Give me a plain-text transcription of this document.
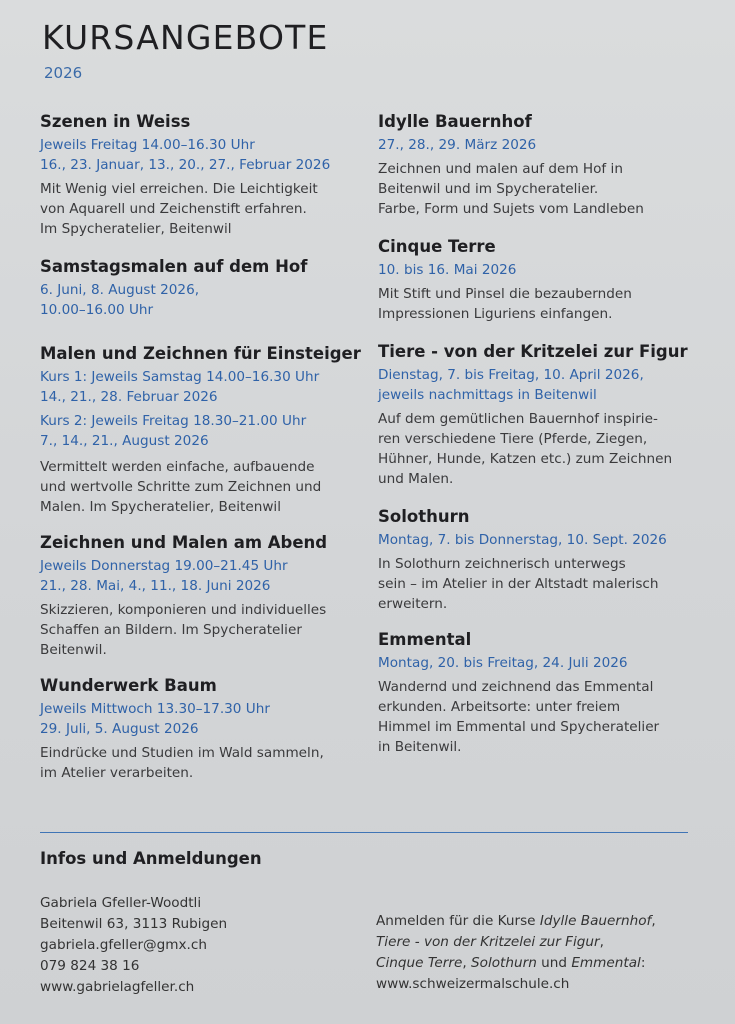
KURSANGEBOTE
2026
Szenen in Weiss
Jeweils Freitag 14.00–16.30 Uhr
16., 23. Januar, 13., 20., 27., Februar 2026
Mit Wenig viel erreichen. Die Leichtigkeit
von Aquarell und Zeichenstift erfahren.
Im Spycheratelier, Beitenwil
Samstagsmalen auf dem Hof
6. Juni, 8. August 2026,
10.00–16.00 Uhr
Malen und Zeichnen für Einsteiger
Kurs 1: Jeweils Samstag 14.00–16.30 Uhr
14., 21., 28. Februar 2026
Kurs 2: Jeweils Freitag 18.30–21.00 Uhr
7., 14., 21., August 2026
Vermittelt werden einfache, aufbauende
und wertvolle Schritte zum Zeichnen und
Malen. Im Spycheratelier, Beitenwil
Zeichnen und Malen am Abend
Jeweils Donnerstag 19.00–21.45 Uhr
21., 28. Mai, 4., 11., 18. Juni 2026
Skizzieren, komponieren und individuelles
Schaffen an Bildern. Im Spycheratelier
Beitenwil.
Wunderwerk Baum
Jeweils Mittwoch 13.30–17.30 Uhr
29. Juli, 5. August 2026
Eindrücke und Studien im Wald sammeln,
im Atelier verarbeiten.
Idylle Bauernhof
27., 28., 29. März 2026
Zeichnen und malen auf dem Hof in
Beitenwil und im Spycheratelier.
Farbe, Form und Sujets vom Landleben
Cinque Terre
10. bis 16. Mai 2026
Mit Stift und Pinsel die bezaubernden
Impressionen Liguriens einfangen.
Tiere - von der Kritzelei zur Figur
Dienstag, 7. bis Freitag, 10. April 2026,
jeweils nachmittags in Beitenwil
Auf dem gemütlichen Bauernhof inspirie-
ren verschiedene Tiere (Pferde, Ziegen,
Hühner, Hunde, Katzen etc.) zum Zeichnen
und Malen.
Solothurn
Montag, 7. bis Donnerstag, 10. Sept. 2026
In Solothurn zeichnerisch unterwegs
sein – im Atelier in der Altstadt malerisch
erweitern.
Emmental
Montag, 20. bis Freitag, 24. Juli 2026
Wandernd und zeichnend das Emmental
erkunden. Arbeitsorte: unter freiem
Himmel im Emmental und Spycheratelier
in Beitenwil.
Infos und Anmeldungen
Gabriela Gfeller-Woodtli
Beitenwil 63, 3113 Rubigen
gabriela.gfeller@gmx.ch
079 824 38 16
www.gabrielagfeller.ch
Anmelden für die Kurse Idylle Bauernhof,
Tiere - von der Kritzelei zur Figur,
Cinque Terre, Solothurn und Emmental:
www.schweizermalschule.ch
